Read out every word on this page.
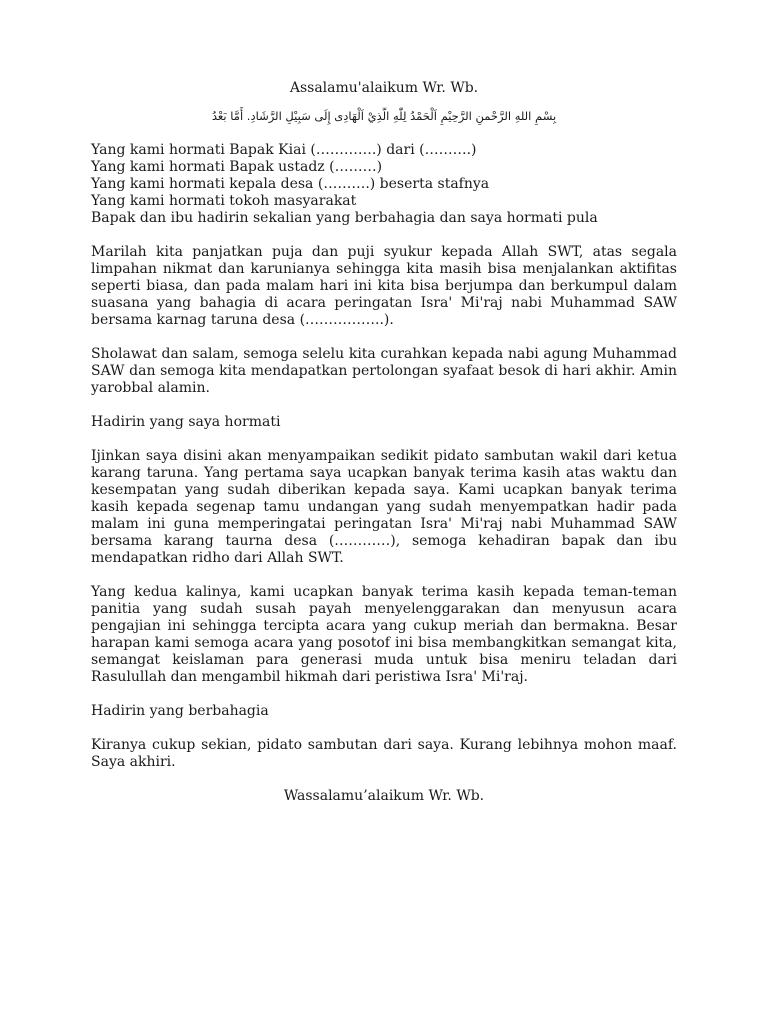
Assalamu'alaikum Wr. Wb.
بِسْمِ اللهِ الرَّحْمنِ الرَّحِيْمِ اَلْحَمْدُ لِلّٰهِ الَّذِيْ اَلْهَادِى إِلَى سَبِيْلِ الرَّشَادِ. أَمَّا بَعْدُ
Yang kami hormati Bapak Kiai (………….) dari (……….)
Yang kami hormati Bapak ustadz (………)
Yang kami hormati kepala desa (……….) beserta stafnya
Yang kami hormati tokoh masyarakat
Bapak dan ibu hadirin sekalian yang berbahagia dan saya hormati pula

Marilah kita panjatkan puja dan puji syukur kepada Allah SWT, atas segala limpahan nikmat dan karunianya sehingga kita masih bisa menjalankan aktifitas seperti biasa, dan pada malam hari ini kita bisa berjumpa dan berkumpul dalam suasana yang bahagia di acara peringatan Isra' Mi'raj nabi Muhammad SAW bersama karnag taruna desa (……………..).

Sholawat dan salam, semoga selelu kita curahkan kepada nabi agung Muhammad SAW dan semoga kita mendapatkan pertolongan syafaat besok di hari akhir. Amin yarobbal alamin.

Hadirin yang saya hormati

Ijinkan saya disini akan menyampaikan sedikit pidato sambutan wakil dari ketua karang taruna. Yang pertama saya ucapkan banyak terima kasih atas waktu dan kesempatan yang sudah diberikan kepada saya. Kami ucapkan banyak terima kasih kepada segenap tamu undangan yang sudah menyempatkan hadir pada malam ini guna memperingatai peringatan Isra' Mi'raj nabi Muhammad SAW bersama karang taurna desa (…………), semoga kehadiran bapak dan ibu mendapatkan ridho dari Allah SWT.

Yang kedua kalinya, kami ucapkan banyak terima kasih kepada teman-teman panitia yang sudah susah payah menyelenggarakan dan menyusun acara pengajian ini sehingga tercipta acara yang cukup meriah dan bermakna. Besar harapan kami semoga acara yang posotof ini bisa membangkitkan semangat kita, semangat keislaman para generasi muda untuk bisa meniru teladan dari Rasulullah dan mengambil hikmah dari peristiwa Isra' Mi'raj.

Hadirin yang berbahagia

Kiranya cukup sekian, pidato sambutan dari saya. Kurang lebihnya mohon maaf. Saya akhiri.

Wassalamu’alaikum Wr. Wb.
